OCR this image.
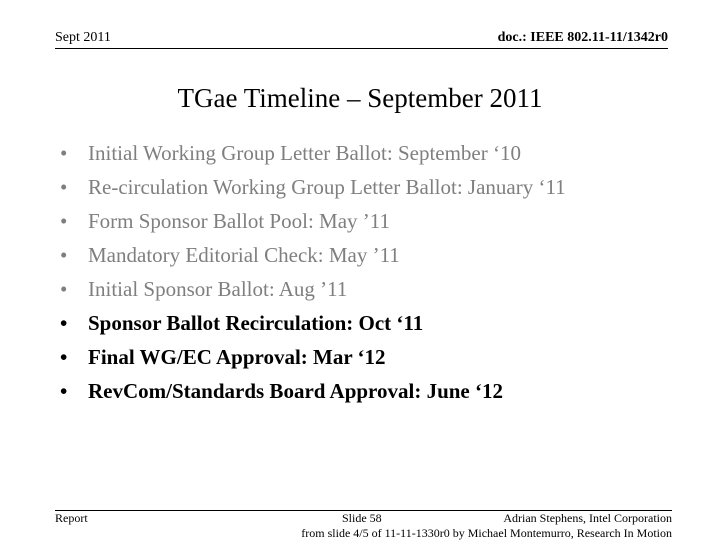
Sept 2011	doc.: IEEE 802.11-11/1342r0
TGae Timeline – September 2011
• Initial Working Group Letter Ballot: September ‘10
• Re-circulation Working Group Letter Ballot: January ‘11
• Form Sponsor Ballot Pool: May ’11
• Mandatory Editorial Check: May ’11
• Initial Sponsor Ballot: Aug ’11
• Sponsor Ballot Recirculation: Oct ‘11
• Final WG/EC Approval: Mar ‘12
• RevCom/Standards Board Approval: June ‘12
Report	Slide 58	Adrian Stephens, Intel Corporation
from slide 4/5 of 11-11-1330r0 by Michael Montemurro, Research In Motion
